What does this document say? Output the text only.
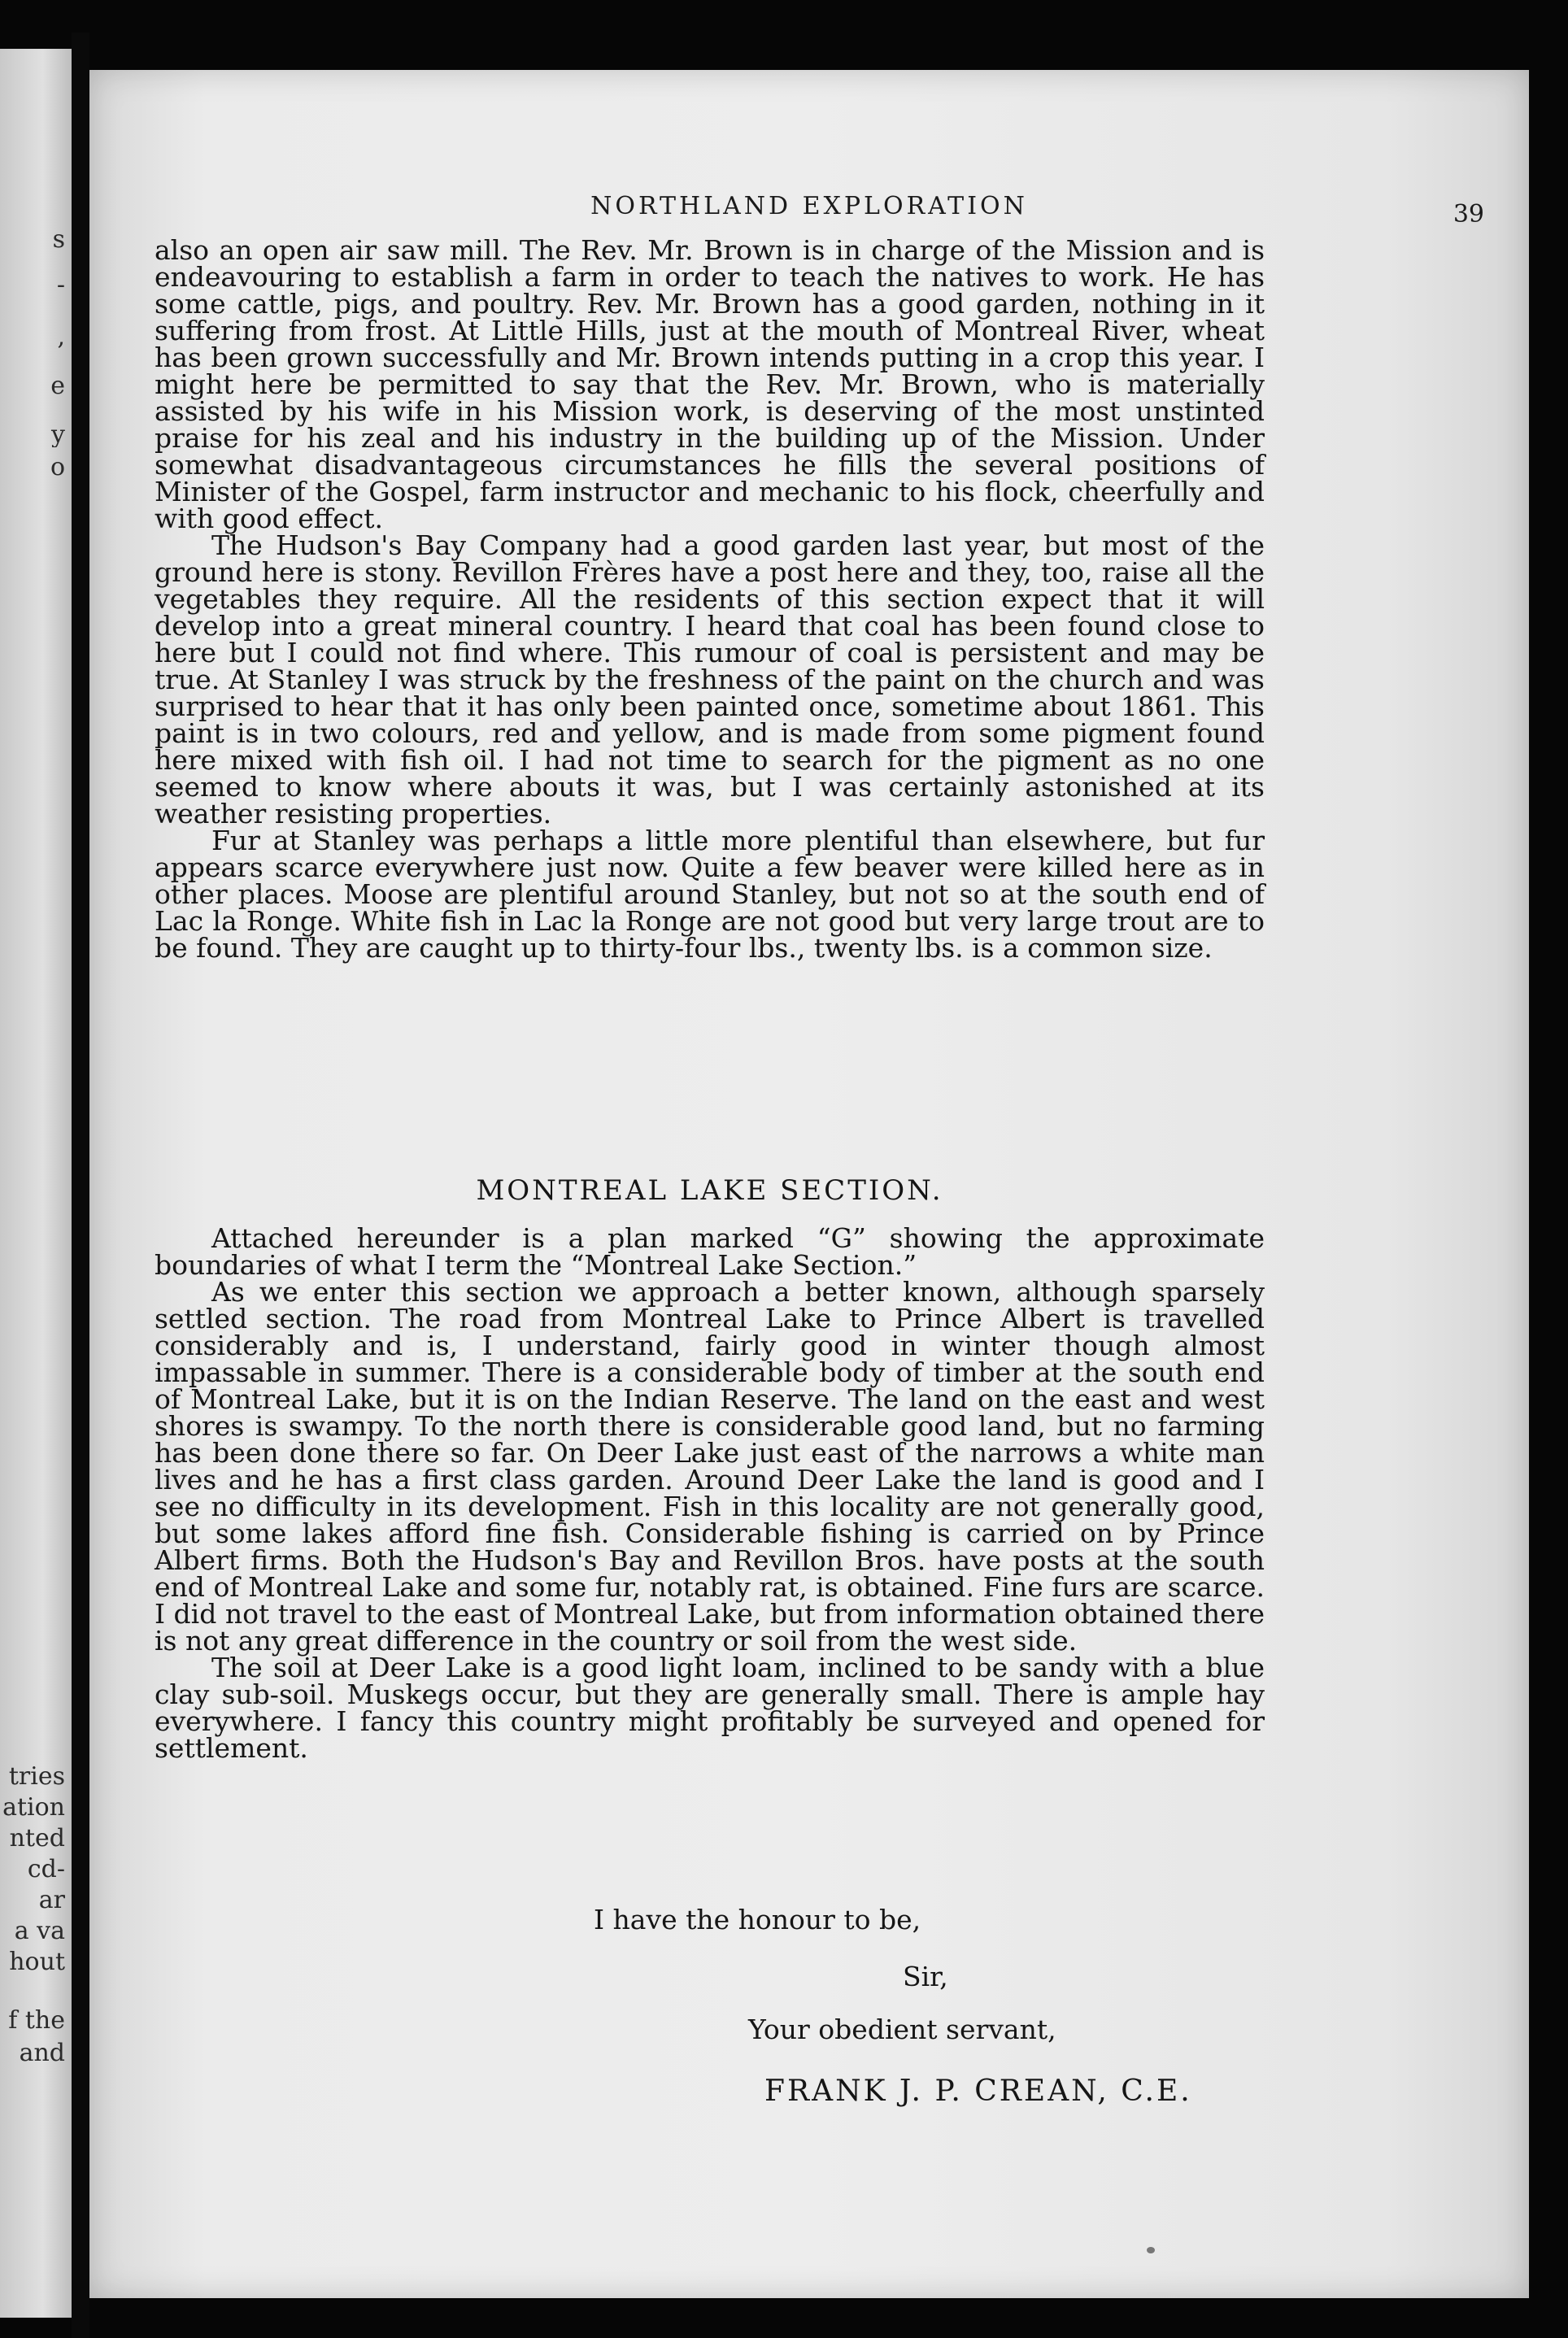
s
-
,
e
y
o
tries
ation
nted
cd-
ar
a va
hout
f the
and
NORTHLAND EXPLORATION	39

also an open air saw mill. The Rev. Mr. Brown is in charge of the Mission and is endeavouring to establish a farm in order to teach the natives to work. He has some cattle, pigs, and poultry. Rev. Mr. Brown has a good garden, nothing in it suffering from frost. At Little Hills, just at the mouth of Montreal River, wheat has been grown successfully and Mr. Brown intends putting in a crop this year. I might here be permitted to say that the Rev. Mr. Brown, who is materially assisted by his wife in his Mission work, is deserving of the most unstinted praise for his zeal and his industry in the building up of the Mission. Under somewhat disadvantageous circumstances he fills the several positions of Minister of the Gospel, farm instructor and mechanic to his flock, cheerfully and with good effect.

The Hudson's Bay Company had a good garden last year, but most of the ground here is stony. Revillon Frères have a post here and they, too, raise all the vegetables they require. All the residents of this section expect that it will develop into a great mineral country. I heard that coal has been found close to here but I could not find where. This rumour of coal is persistent and may be true. At Stanley I was struck by the freshness of the paint on the church and was surprised to hear that it has only been painted once, sometime about 1861. This paint is in two colours, red and yellow, and is made from some pigment found here mixed with fish oil. I had not time to search for the pigment as no one seemed to know where abouts it was, but I was certainly astonished at its weather resisting properties.

Fur at Stanley was perhaps a little more plentiful than elsewhere, but fur appears scarce everywhere just now. Quite a few beaver were killed here as in other places. Moose are plentiful around Stanley, but not so at the south end of Lac la Ronge. White fish in Lac la Ronge are not good but very large trout are to be found. They are caught up to thirty-four lbs., twenty lbs. is a common size.

MONTREAL LAKE SECTION.

Attached hereunder is a plan marked “G” showing the approximate boundaries of what I term the “Montreal Lake Section.”

As we enter this section we approach a better known, although sparsely settled section. The road from Montreal Lake to Prince Albert is travelled considerably and is, I understand, fairly good in winter though almost impassable in summer. There is a considerable body of timber at the south end of Montreal Lake, but it is on the Indian Reserve. The land on the east and west shores is swampy. To the north there is considerable good land, but no farming has been done there so far. On Deer Lake just east of the narrows a white man lives and he has a first class garden. Around Deer Lake the land is good and I see no difficulty in its development. Fish in this locality are not generally good, but some lakes afford fine fish. Considerable fishing is carried on by Prince Albert firms. Both the Hudson's Bay and Revillon Bros. have posts at the south end of Montreal Lake and some fur, notably rat, is obtained. Fine furs are scarce. I did not travel to the east of Montreal Lake, but from information obtained there is not any great difference in the country or soil from the west side.

The soil at Deer Lake is a good light loam, inclined to be sandy with a blue clay sub-soil. Muskegs occur, but they are generally small. There is ample hay everywhere. I fancy this country might profitably be surveyed and opened for settlement.

I have the honour to be,
Sir,
Your obedient servant,
FRANK J. P. CREAN, C.E.
